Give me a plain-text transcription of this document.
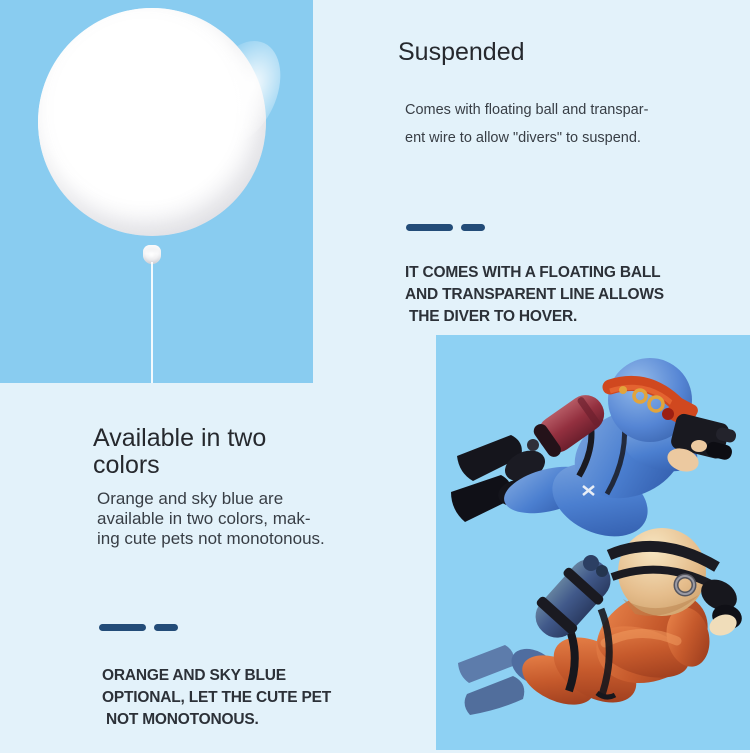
Suspended
Comes with floating ball and transpar-
ent wire to allow "divers" to suspend.
IT COMES WITH A FLOATING BALL
AND TRANSPARENT LINE ALLOWS
THE DIVER TO HOVER.
Available in two
colors
Orange and sky blue are
available in two colors, mak-
ing cute pets not monotonous.
ORANGE AND SKY BLUE
OPTIONAL, LET THE CUTE PET
NOT MONOTONOUS.
